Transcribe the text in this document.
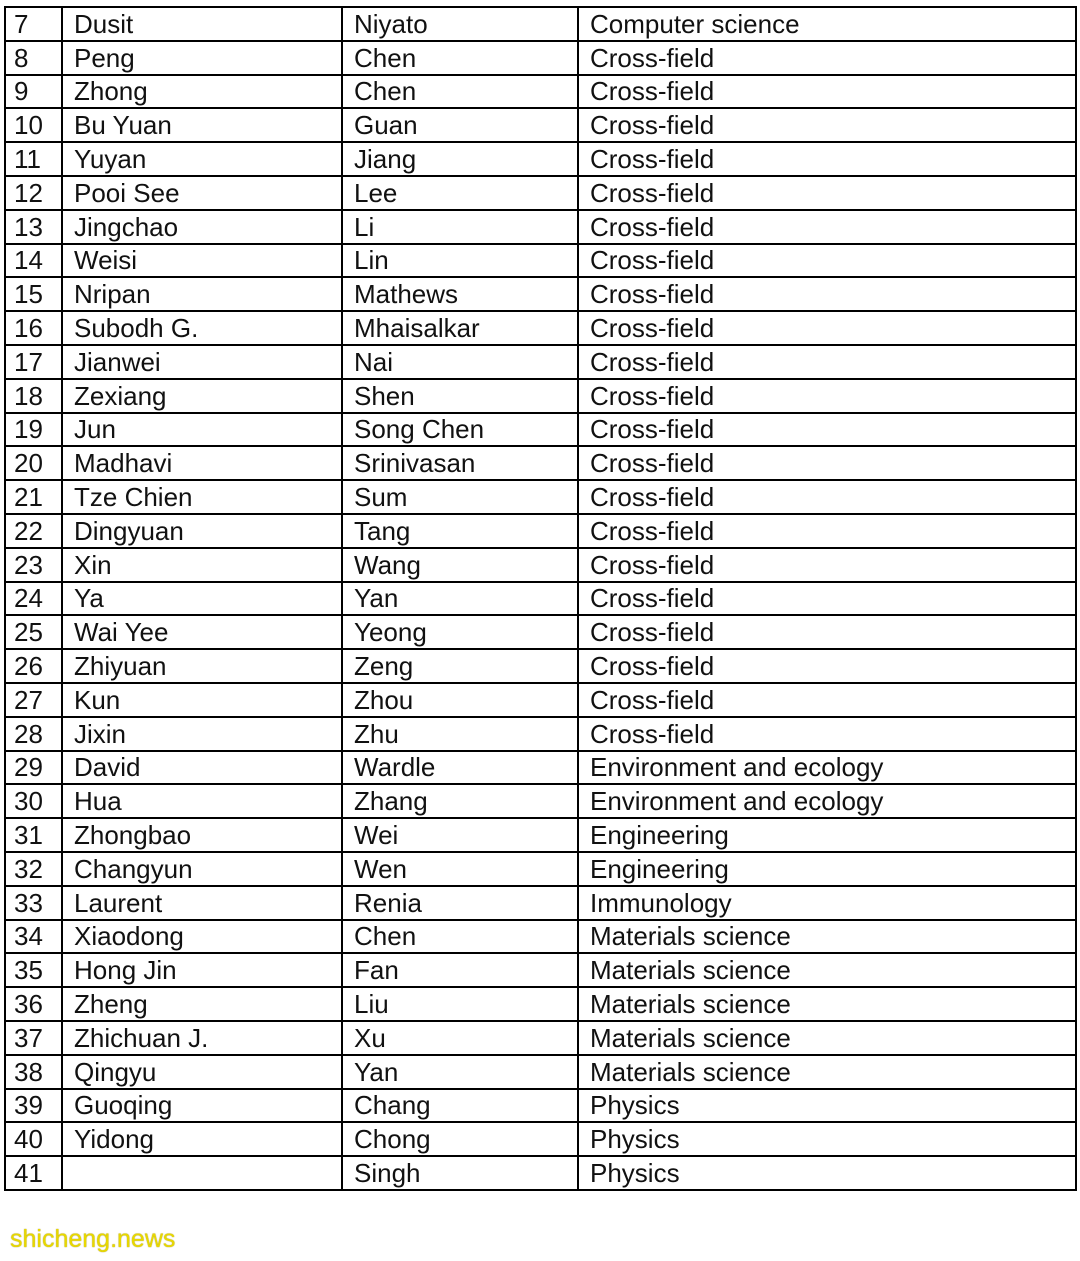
7	Dusit	Niyato	Computer science
8	Peng	Chen	Cross-field
9	Zhong	Chen	Cross-field
10	Bu Yuan	Guan	Cross-field
11	Yuyan	Jiang	Cross-field
12	Pooi See	Lee	Cross-field
13	Jingchao	Li	Cross-field
14	Weisi	Lin	Cross-field
15	Nripan	Mathews	Cross-field
16	Subodh G.	Mhaisalkar	Cross-field
17	Jianwei	Nai	Cross-field
18	Zexiang	Shen	Cross-field
19	Jun	Song Chen	Cross-field
20	Madhavi	Srinivasan	Cross-field
21	Tze Chien	Sum	Cross-field
22	Dingyuan	Tang	Cross-field
23	Xin	Wang	Cross-field
24	Ya	Yan	Cross-field
25	Wai Yee	Yeong	Cross-field
26	Zhiyuan	Zeng	Cross-field
27	Kun	Zhou	Cross-field
28	Jixin	Zhu	Cross-field
29	David	Wardle	Environment and ecology
30	Hua	Zhang	Environment and ecology
31	Zhongbao	Wei	Engineering
32	Changyun	Wen	Engineering
33	Laurent	Renia	Immunology
34	Xiaodong	Chen	Materials science
35	Hong Jin	Fan	Materials science
36	Zheng	Liu	Materials science
37	Zhichuan J.	Xu	Materials science
38	Qingyu	Yan	Materials science
39	Guoqing	Chang	Physics
40	Yidong	Chong	Physics
41		Singh	Physics
shicheng.news
